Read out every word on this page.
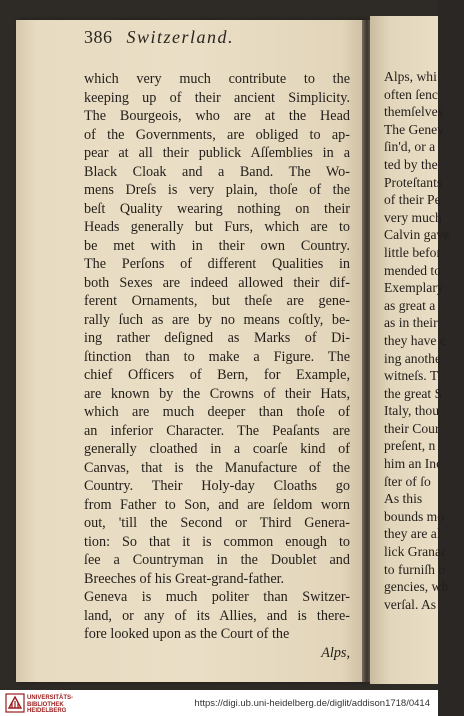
Alps, whi
often ſenc
themſelves
The Genev
ſin'd, or a
ted by the
Proteſtants
of their Pe
very much
Calvin gave
little befor
mended to
Exemplary
as great a
as in their
they have c
ing anothe
witneſs. T
the great S
Italy, thou
their Cour
preſent, n
him an Inc
ſter of ſo
As this
bounds mo
they are al
lick Granar
to furniſh o
gencies, wh
verſal. As
386 Switzerland.
which very much contribute to the
keeping up of their ancient Simplicity.
The Bourgeois, who are at the Head
of the Governments, are obliged to ap-
pear at all their publick Aſſemblies in a
Black Cloak and a Band. The Wo-
mens Dreſs is very plain, thoſe of the
beſt Quality wearing nothing on their
Heads generally but Furs, which are to
be met with in their own Country.
The Perſons of different Qualities in
both Sexes are indeed allowed their dif-
ferent Ornaments, but theſe are gene-
rally ſuch as are by no means coſtly, be-
ing rather deſigned as Marks of Di-
ſtinction than to make a Figure. The
chief Officers of Bern, for Example,
are known by the Crowns of their Hats,
which are much deeper than thoſe of
an inferior Character. The Peaſants are
generally cloathed in a coarſe kind of
Canvas, that is the Manufacture of the
Country. Their Holy-day Cloaths go
from Father to Son, and are ſeldom worn
out, 'till the Second or Third Genera-
tion: So that it is common enough to
ſee a Countryman in the Doublet and
Breeches of his Great-grand-father.
Geneva is much politer than Switzer-
land, or any of its Allies, and is there-
fore looked upon as the Court of the
Alps,
UNIVERSITÄTS-
BIBLIOTHEK
HEIDELBERG
https://digi.ub.uni-heidelberg.de/diglit/addison1718/0414
